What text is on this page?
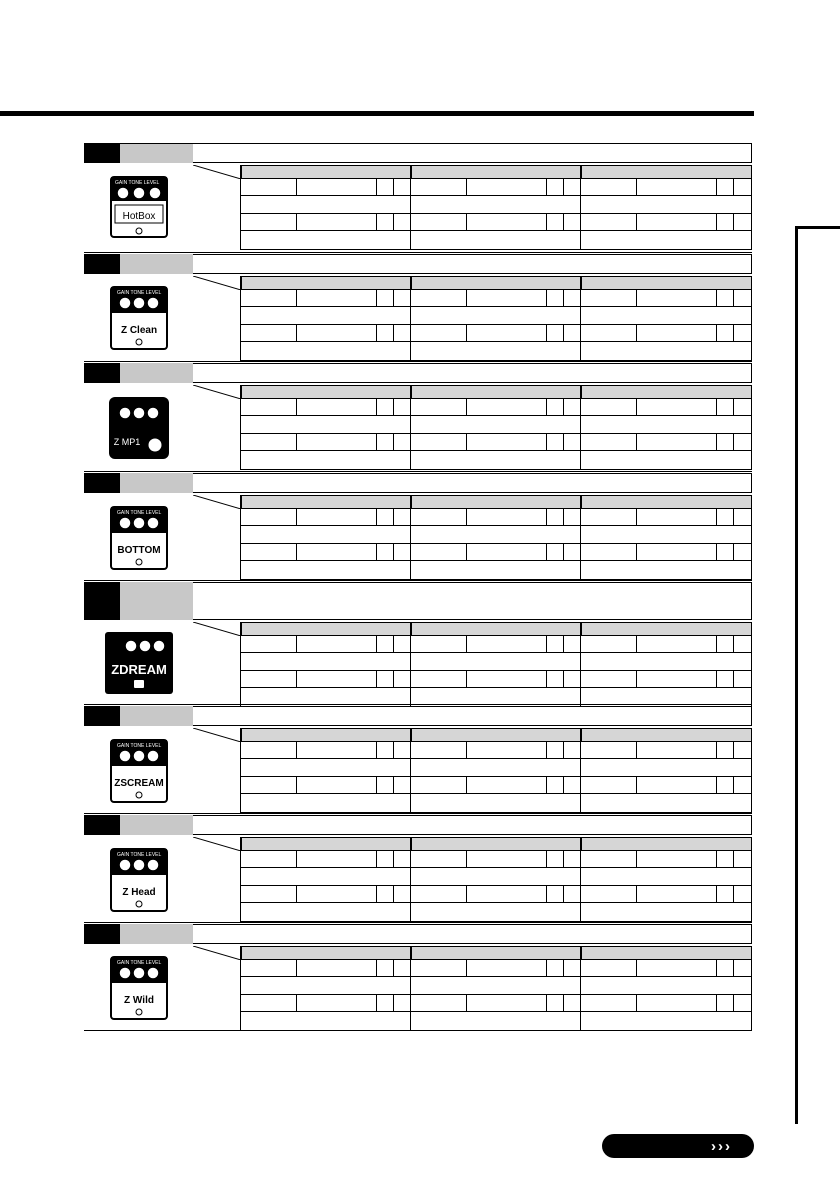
GAIN TONE LEVEL
HotBox
GAIN TONE LEVEL
Z Clean
Z MP1
GAIN TONE LEVEL
BOTTOM
ZDREAM
GAIN TONE LEVEL
ZSCREAM
GAIN TONE LEVEL
Z Head
GAIN TONE LEVEL
Z Wild
›››
